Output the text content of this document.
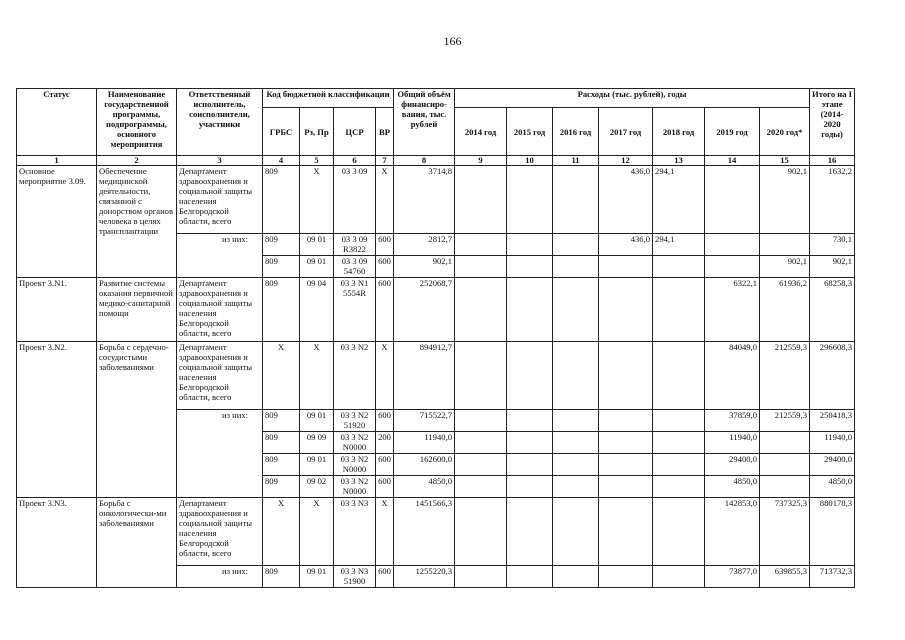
166
Статус	Наименование государственной программы, подпрограммы, основного мероприятия	Ответственный исполнитель, соисполнители, участники	Код бюджетной классификации				Общий объём финансиро-вания, тыс. рублей	Расходы (тыс. рублей), годы							Итого на I этапе (2014-2020 годы)
			ГРБС	Рз, Пр	ЦСР	ВР		2014 год	2015 год	2016 год	2017 год	2018 год	2019 год	2020 год*	
1	2	3	4	5	6	7	8	9	10	11	12	13	14	15	16
Основное мероприятие 3.09.	Обеспечение медицинской деятельности, связанной с донорством органов человека в целях трансплантации	Департамент здравоохранения и социальной защиты населения Белгородской области, всего	809	Х	03 3 09	Х	3714,8				436,0	294,1		902,1	1632,2
		из них:	809	09 01	03 3 09 R3822	600	2812,7				436,0	294,1			730,1
			809	09 01	03 3 09 54760	600	902,1							902,1	902,1
Проект 3.N1.	Развитие системы оказания первичной медико-санитарной помощи	Департамент здравоохранения и социальной защиты населения Белгородской области, всего	809	09 04	03 3 N1 5554R	600	252068,7						6322,1	61936,2	68258,3
Проект 3.N2.	Борьба с сердечно-сосудистыми заболеваниями	Департамент здравоохранения и социальной защиты населения Белгородской области, всего	Х	Х	03 3 N2	Х	894912,7						84049,0	212559,3	296608,3
		из них:	809	09 01	03 3 N2 51920	600	715522,7						37859,0	212559,3	250418,3
			809	09 09	03 3 N2 N0000	200	11940,0						11940,0		11940,0
			809	09 01	03 3 N2 N0000	600	162600,0						29400,0		29400,0
			809	09 02	03 3 N2 N0000	600	4850,0						4850,0		4850,0
Проект 3.N3.	Борьба с онкологически-ми заболеваниями	Департамент здравоохранения и социальной защиты населения Белгородской области, всего	Х	Х	03 3 N3	Х	1451566,3						142853,0	737325,3	880178,3
		из них:	809	09 01	03 3 N3 51900	600	1255220,3						73877,0	639855,3	713732,3
